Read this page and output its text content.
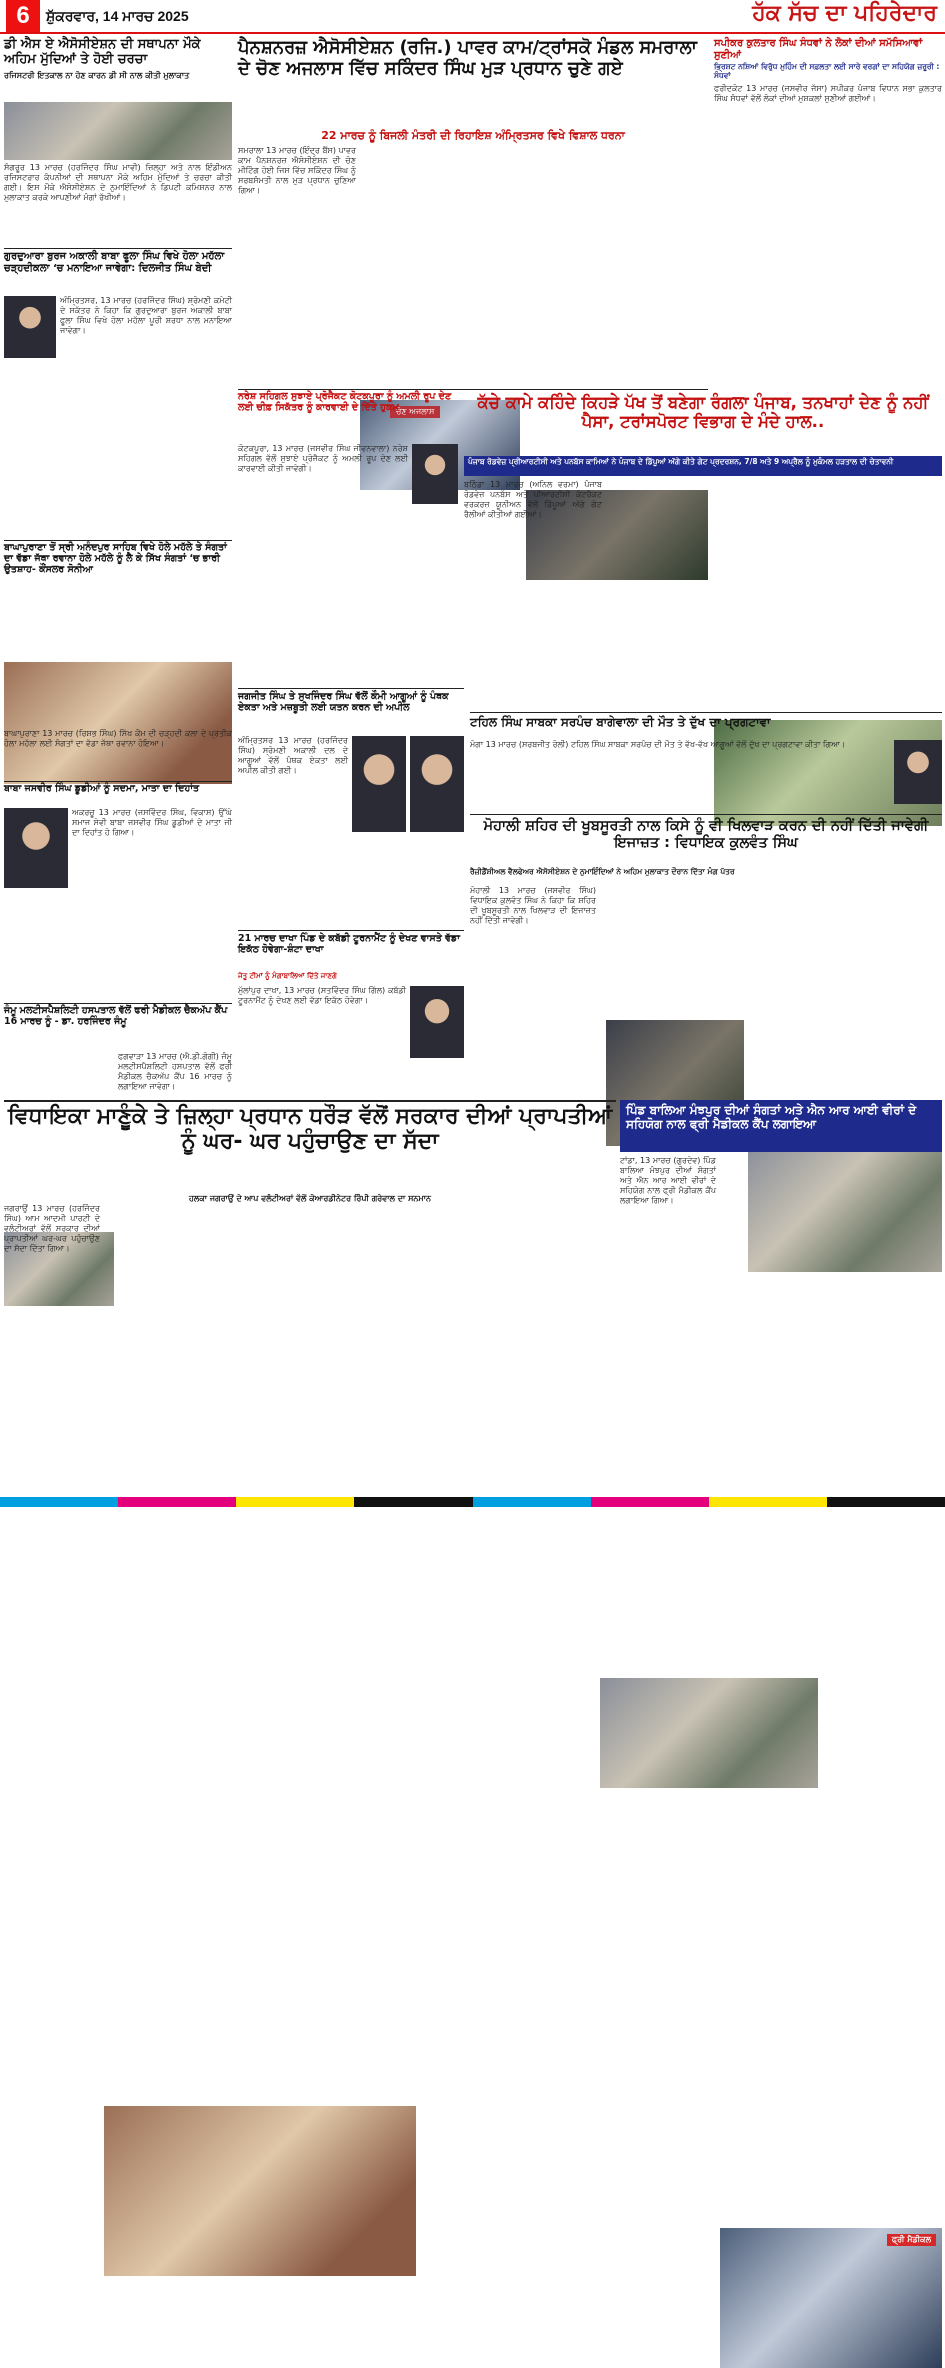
6	ਸ਼ੁੱਕਰਵਾਰ, 14 ਮਾਰਚ 2025	ਹੱਕ ਸੱਚ ਦਾ ਪਹਿਰੇਦਾਰ
ਡੀ ਐਸ ਏ ਐਸੋਸੀਏਸ਼ਨ ਦੀ ਸਥਾਪਨਾ ਮੌਕੇ ਅਹਿਮ ਮੁੱਦਿਆਂ ਤੇ ਹੋਈ ਚਰਚਾ
ਰਜਿਸਟਰੀ ਇਤਕਾਲ ਨਾ ਹੋਣ ਕਾਰਨ ਡੀ ਸੀ ਨਾਲ ਕੀਤੀ ਮੁਲਾਕਾਤ
ਸੰਗਰੂਰ 13 ਮਾਰਚ (ਹਰਜਿੰਦਰ ਸਿੰਘ ਮਾਵੀ) ਜ਼ਿਲ੍ਹਾ ਅਤੇ ਨਾਲ ਇੰਡੀਅਨ ਰਜਿਸਟਰਾਰ ਕੰਪਨੀਆਂ ਦੀ ਸਥਾਪਨਾ ਮੌਕੇ ਅਹਿਮ ਮੁੱਦਿਆਂ ਤੇ ਚਰਚਾ ਕੀਤੀ ਗਈ। ਇਸ ਮੌਕੇ ਐਸੋਸੀਏਸ਼ਨ ਦੇ ਨੁਮਾਇੰਦਿਆਂ ਨੇ ਡਿਪਟੀ ਕਮਿਸ਼ਨਰ ਨਾਲ ਮੁਲਾਕਾਤ ਕਰਕੇ ਆਪਣੀਆਂ ਮੰਗਾਂ ਰੱਖੀਆਂ।
ਗੁਰਦੁਆਰਾ ਬੁਰਜ ਅਕਾਲੀ ਬਾਬਾ ਫੂਲਾ ਸਿੰਘ ਵਿਖੇ ਹੋਲਾ ਮਹੱਲਾ ਚੜ੍ਹਦੀਕਲਾ ‘ਚ ਮਨਾਇਆ ਜਾਵੇਗਾ: ਦਿਲਜੀਤ ਸਿੰਘ ਬੇਦੀ
ਅੰਮ੍ਰਿਤਸਰ, 13 ਮਾਰਚ (ਹਰਜਿੰਦਰ ਸਿੰਘ) ਸ਼੍ਰੋਮਣੀ ਕਮੇਟੀ ਦੇ ਸਕੱਤਰ ਨੇ ਕਿਹਾ ਕਿ ਗੁਰਦੁਆਰਾ ਬੁਰਜ ਅਕਾਲੀ ਬਾਬਾ ਫੂਲਾ ਸਿੰਘ ਵਿਖੇ ਹੋਲਾ ਮਹੱਲਾ ਪੂਰੀ ਸ਼ਰਧਾ ਨਾਲ ਮਨਾਇਆ ਜਾਵੇਗਾ।
ਬਾਘਾਪੁਰਾਣਾ ਤੋਂ ਸ੍ਰੀ ਅਨੰਦਪੁਰ ਸਾਹਿਬ ਵਿਖੇ ਹੋਲੇ ਮਹੱਲੇ ਤੇ ਸੰਗਤਾਂ ਦਾ ਵੱਡਾ ਜੱਥਾ ਰਵਾਨਾ ਹੋਲੇ ਮਹੱਲੇ ਨੂੰ ਲੈ ਕੇ ਸਿੱਖ ਸੰਗਤਾਂ ‘ਚ ਭਾਰੀ ਉਤਸ਼ਾਹ- ਕੌਂਸਲਰ ਸੋਨੀਆ
ਬਾਘਾਪੁਰਾਣਾ 13 ਮਾਰਚ (ਰਿਸ਼ਭ ਸਿੰਘ) ਸਿੱਖ ਕੌਮ ਦੀ ਚੜ੍ਹਦੀ ਕਲਾ ਦੇ ਪ੍ਰਤੀਕ ਹੋਲਾ ਮਹੱਲਾ ਲਈ ਸੰਗਤਾਂ ਦਾ ਵੱਡਾ ਜੱਥਾ ਰਵਾਨਾ ਹੋਇਆ।
ਬਾਬਾ ਜਸਵੀਰ ਸਿੰਘ ਡੂਡੀਆਂ ਨੂੰ ਸਦਮਾ, ਮਾਤਾ ਦਾ ਦਿਹਾਂਤ
ਅਕਰਚੂ 13 ਮਾਰਚ (ਜਸਵਿੰਦਰ ਸਿੰਘ, ਵਿਕਾਸ) ਉੱਘੇ ਸਮਾਜ ਸੇਵੀ ਬਾਬਾ ਜਸਵੀਰ ਸਿੰਘ ਡੂਡੀਆਂ ਦੇ ਮਾਤਾ ਜੀ ਦਾ ਦਿਹਾਂਤ ਹੋ ਗਿਆ।
ਜੰਮੂ ਮਲਟੀਸਪੈਸ਼ਲਿਟੀ ਹਸਪਤਾਲ ਵੱਲੋਂ ਫਰੀ ਮੈਡੀਕਲ ਚੈਕਅੱਪ ਕੈਂਪ 16 ਮਾਰਚ ਨੂੰ - ਡਾ. ਹਰਜਿੰਦਰ ਜੰਮੂ
ਫਗਵਾੜਾ 13 ਮਾਰਚ (ਐ.ਡੀ.ਗੋਗੀ) ਜੰਮੂ ਮਲਟੀਸਪੈਸ਼ਲਿਟੀ ਹਸਪਤਾਲ ਵੱਲੋਂ ਫਰੀ ਮੈਡੀਕਲ ਚੈਕਅੱਪ ਕੈਂਪ 16 ਮਾਰਚ ਨੂੰ ਲਗਾਇਆ ਜਾਵੇਗਾ।
ਪੈਨਸ਼ਨਰਜ਼ ਐਸੋਸੀਏਸ਼ਨ (ਰਜਿ.) ਪਾਵਰ ਕਾਮ/ਟ੍ਰਾਂਸਕੋ ਮੰਡਲ ਸਮਰਾਲਾ ਦੇ ਚੋਣ ਅਜਲਾਸ ਵਿੱਚ ਸਕਿੰਦਰ ਸਿੰਘ ਮੁੜ ਪ੍ਰਧਾਨ ਚੁਣੇ ਗਏ
22 ਮਾਰਚ ਨੂੰ ਬਿਜਲੀ ਮੰਤਰੀ ਦੀ ਰਿਹਾਇਸ਼ ਅੰਮ੍ਰਿਤਸਰ ਵਿਖੇ ਵਿਸ਼ਾਲ ਧਰਨਾ
ਸਮਰਾਲਾ 13 ਮਾਰਚ (ਇੰਦ੍ਰ ਬੈਂਸ) ਪਾਵਰ ਕਾਮ ਪੈਨਸ਼ਨਰਜ਼ ਐਸੋਸੀਏਸ਼ਨ ਦੀ ਚੋਣ ਮੀਟਿੰਗ ਹੋਈ ਜਿਸ ਵਿੱਚ ਸਕਿੰਦਰ ਸਿੰਘ ਨੂੰ ਸਰਬਸੰਮਤੀ ਨਾਲ ਮੁੜ ਪ੍ਰਧਾਨ ਚੁਣਿਆ ਗਿਆ।
ਚੋਣ ਅਜਲਾਸ
ਸਪੀਕਰ ਕੁਲਤਾਰ ਸਿੰਘ ਸੰਧਵਾਂ ਨੇ ਲੋਕਾਂ ਦੀਆਂ ਸਮੱਸਿਆਵਾਂ ਸੁਣੀਆਂ
ਭ੍ਰਿਸ਼ਟ ਨਸ਼ਿਆਂ ਵਿਰੁੱਧ ਮੁਹਿੰਮ ਦੀ ਸਫ਼ਲਤਾ ਲਈ ਸਾਰੇ ਵਰਗਾਂ ਦਾ ਸਹਿਯੋਗ ਜ਼ਰੂਰੀ : ਸੰਧਵਾਂ
ਫਰੀਦਕੋਟ 13 ਮਾਰਚ (ਜਸਵੀਰ ਜੱਸਾ) ਸਪੀਕਰ ਪੰਜਾਬ ਵਿਧਾਨ ਸਭਾ ਕੁਲਤਾਰ ਸਿੰਘ ਸੰਧਵਾਂ ਵੱਲੋਂ ਲੋਕਾਂ ਦੀਆਂ ਮੁਸ਼ਕਲਾਂ ਸੁਣੀਆਂ ਗਈਆਂ।
ਨਰੇਸ਼ ਸਹਿਗਲ ਸੁਝਾਏ ਪ੍ਰੋਜੈਕਟ ਕੋਟਕਪੂਰਾ ਨੂੰ ਅਮਲੀ ਰੂਪ ਦੇਣ ਲਈ ਚੀਫ਼ ਸਿਕੱਤਰ ਨੂੰ ਕਾਰਵਾਈ ਦੇ ਦਿੱਤੇ ਹੁਕਮ
ਕੋਟਕਪੂਰਾ, 13 ਮਾਰਚ (ਜਸਵੀਰ ਸਿੰਘ ਜੀਵਨਵਾਲਾ) ਨਰੇਸ਼ ਸਹਿਗਲ ਵੱਲੋਂ ਸੁਝਾਏ ਪ੍ਰੋਜੈਕਟ ਨੂੰ ਅਮਲੀ ਰੂਪ ਦੇਣ ਲਈ ਕਾਰਵਾਈ ਕੀਤੀ ਜਾਵੇਗੀ।
ਕੱਚੇ ਕਾਮੇ ਕਹਿੰਦੇ ਕਿਹੜੇ ਪੱਖ ਤੋਂ ਬਣੇਗਾ ਰੰਗਲਾ ਪੰਜਾਬ, ਤਨਖਾਹਾਂ ਦੇਣ ਨੂੰ ਨਹੀਂ ਪੈਸਾ, ਟਰਾਂਸਪੋਰਟ ਵਿਭਾਗ ਦੇ ਮੰਦੇ ਹਾਲ..
ਪੰਜਾਬ ਰੋਡਵੇਜ਼ ਪ੍ਰੀਆਰਟੀਸੀ ਅਤੇ ਪਨਬੱਸ ਕਾਮਿਆਂ ਨੇ ਪੰਜਾਬ ਦੇ ਡਿੱਪੂਆਂ ਅੱਗੇ ਕੀਤੇ ਗੇਟ ਪ੍ਰਦਰਸ਼ਨ, 7/8 ਅਤੇ 9 ਅਪ੍ਰੈਲ ਨੂੰ ਮੁਕੰਮਲ ਹੜਤਾਲ ਦੀ ਚੇਤਾਵਨੀ
ਬਠਿੰਡਾ 13 ਮਾਰਚ (ਅਨਿਲ ਵਰਮਾ) ਪੰਜਾਬ ਰੋਡਵੇਜ਼ ਪਨਬੱਸ ਅਤੇ ਪੀਆਰਟੀਸੀ ਕੰਟਰੈਕਟ ਵਰਕਰਜ਼ ਯੂਨੀਅਨ ਵੱਲੋਂ ਡਿੱਪੂਆਂ ਅੱਗੇ ਗੇਟ ਰੈਲੀਆਂ ਕੀਤੀਆਂ ਗਈਆਂ।
ਜਗਜੀਤ ਸਿੰਘ ਤੇ ਸੁਖਜਿੰਦਰ ਸਿੰਘ ਵੱਲੋਂ ਕੌਮੀ ਆਗੂਆਂ ਨੂੰ ਪੰਥਕ ਏਕਤਾ ਅਤੇ ਮਜ਼ਬੂਤੀ ਲਈ ਯਤਨ ਕਰਨ ਦੀ ਅਪੀਲ
ਅੰਮ੍ਰਿਤਸਰ 13 ਮਾਰਚ (ਹਰਜਿੰਦਰ ਸਿੰਘ) ਸ੍ਰੋਮਣੀ ਅਕਾਲੀ ਦਲ ਦੇ ਆਗੂਆਂ ਵੱਲੋਂ ਪੰਥਕ ਏਕਤਾ ਲਈ ਅਪੀਲ ਕੀਤੀ ਗਈ।
ਟਹਿਲ ਸਿੰਘ ਸਾਬਕਾ ਸਰਪੰਚ ਬਾਗੇਵਾਲਾ ਦੀ ਮੌਤ ਤੇ ਦੁੱਖ ਦਾ ਪ੍ਰਗਟਾਵਾ
ਮੋਗਾ 13 ਮਾਰਚ (ਸਰਬਜੀਤ ਰੋਲੀ) ਟਹਿਲ ਸਿੰਘ ਸਾਬਕਾ ਸਰਪੰਚ ਦੀ ਮੌਤ ਤੇ ਵੱਖ-ਵੱਖ ਆਗੂਆਂ ਵੱਲੋਂ ਦੁੱਖ ਦਾ ਪ੍ਰਗਟਾਵਾ ਕੀਤਾ ਗਿਆ।
ਮੋਹਾਲੀ ਸ਼ਹਿਰ ਦੀ ਖੂਬਸੂਰਤੀ ਨਾਲ ਕਿਸੇ ਨੂੰ ਵੀ ਖਿਲਵਾੜ ਕਰਨ ਦੀ ਨਹੀਂ ਦਿੱਤੀ ਜਾਵੇਗੀ ਇਜਾਜ਼ਤ : ਵਿਧਾਇਕ ਕੁਲਵੰਤ ਸਿੰਘ
ਰੈਜ਼ੀਡੈਂਸ਼ੀਅਲ ਵੈਲਫੇਅਰ ਐਸੋਸੀਏਸ਼ਨ ਦੇ ਨੁਮਾਇੰਦਿਆਂ ਨੇ ਅਹਿਮ ਮੁਲਾਕਾਤ ਦੌਰਾਨ ਦਿੱਤਾ ਮੰਗ ਪੱਤਰ
ਮੋਹਾਲੀ 13 ਮਾਰਚ (ਜਸਵੀਰ ਸਿੰਘ) ਵਿਧਾਇਕ ਕੁਲਵੰਤ ਸਿੰਘ ਨੇ ਕਿਹਾ ਕਿ ਸ਼ਹਿਰ ਦੀ ਖੂਬਸੂਰਤੀ ਨਾਲ ਖਿਲਵਾੜ ਦੀ ਇਜਾਜ਼ਤ ਨਹੀਂ ਦਿੱਤੀ ਜਾਵੇਗੀ।
21 ਮਾਰਚ ਦਾਖਾ ਪਿੰਡ ਦੇ ਕਬੱਡੀ ਟੂਰਨਾਮੈਂਟ ਨੂੰ ਦੇਖਣ ਵਾਸਤੇ ਵੱਡਾ ਇਕੱਠ ਹੋਵੇਗਾ-ਸ਼ੰਟਾ ਦਾਖਾ
ਜੇਤੂ ਟੀਮਾਂ ਨੂੰ ਮੰਗਾਬਾਲਿਆਂ ਦਿੱਤੇ ਜਾਣਗੇ
ਮੁੱਲਾਂਪੁਰ ਦਾਖਾ, 13 ਮਾਰਚ (ਸਤਵਿੰਦਰ ਸਿੰਘ ਗਿੱਲ) ਕਬੱਡੀ ਟੂਰਨਾਮੈਂਟ ਨੂੰ ਦੇਖਣ ਲਈ ਵੱਡਾ ਇਕੱਠ ਹੋਵੇਗਾ।
ਵਿਧਾਇਕਾ ਮਾਣੂੰਕੇ ਤੇ ਜ਼ਿਲ੍ਹਾ ਪ੍ਰਧਾਨ ਧਰੌੜ ਵੱਲੋਂ ਸਰਕਾਰ ਦੀਆਂ ਪ੍ਰਾਪਤੀਆਂ ਨੂੰ ਘਰ- ਘਰ ਪਹੁੰਚਾਉਣ ਦਾ ਸੱਦਾ
ਹਲਕਾ ਜਗਰਾਉਂ ਦੇ ਆਪ ਵਲੰਟੀਅਰਾਂ ਵੱਲੋਂ ਕੋਆਰਡੀਨੇਟਰ ਰਿੰਪੀ ਗਰੇਵਾਲ ਦਾ ਸਨਮਾਨ
ਜਗਰਾਉਂ 13 ਮਾਰਚ (ਹਰਜਿੰਦਰ ਸਿੰਘ) ਆਮ ਆਦਮੀ ਪਾਰਟੀ ਦੇ ਵਲੰਟੀਅਰਾਂ ਵੱਲੋਂ ਸਰਕਾਰ ਦੀਆਂ ਪ੍ਰਾਪਤੀਆਂ ਘਰ-ਘਰ ਪਹੁੰਚਾਉਣ ਦਾ ਸੱਦਾ ਦਿੱਤਾ ਗਿਆ।
ਪਿੰਡ ਬਾਲਿਆ ਮੰਝਪੁਰ ਦੀਆਂ ਸੰਗਤਾਂ ਅਤੇ ਐਨ ਆਰ ਆਈ ਵੀਰਾਂ ਦੇ ਸਹਿਯੋਗ ਨਾਲ ਫ੍ਰੀ ਮੈਡੀਕਲ ਕੈਂਪ ਲਗਾਇਆ
ਟਾਂਡਾ, 13 ਮਾਰਚ (ਗੁਰਦੇਵ) ਪਿੰਡ ਬਾਲਿਆ ਮੰਝਪੁਰ ਦੀਆਂ ਸੰਗਤਾਂ ਅਤੇ ਐਨ ਆਰ ਆਈ ਵੀਰਾਂ ਦੇ ਸਹਿਯੋਗ ਨਾਲ ਫ੍ਰੀ ਮੈਡੀਕਲ ਕੈਂਪ ਲਗਾਇਆ ਗਿਆ।
ਫ੍ਰੀ ਮੈਡੀਕਲ
